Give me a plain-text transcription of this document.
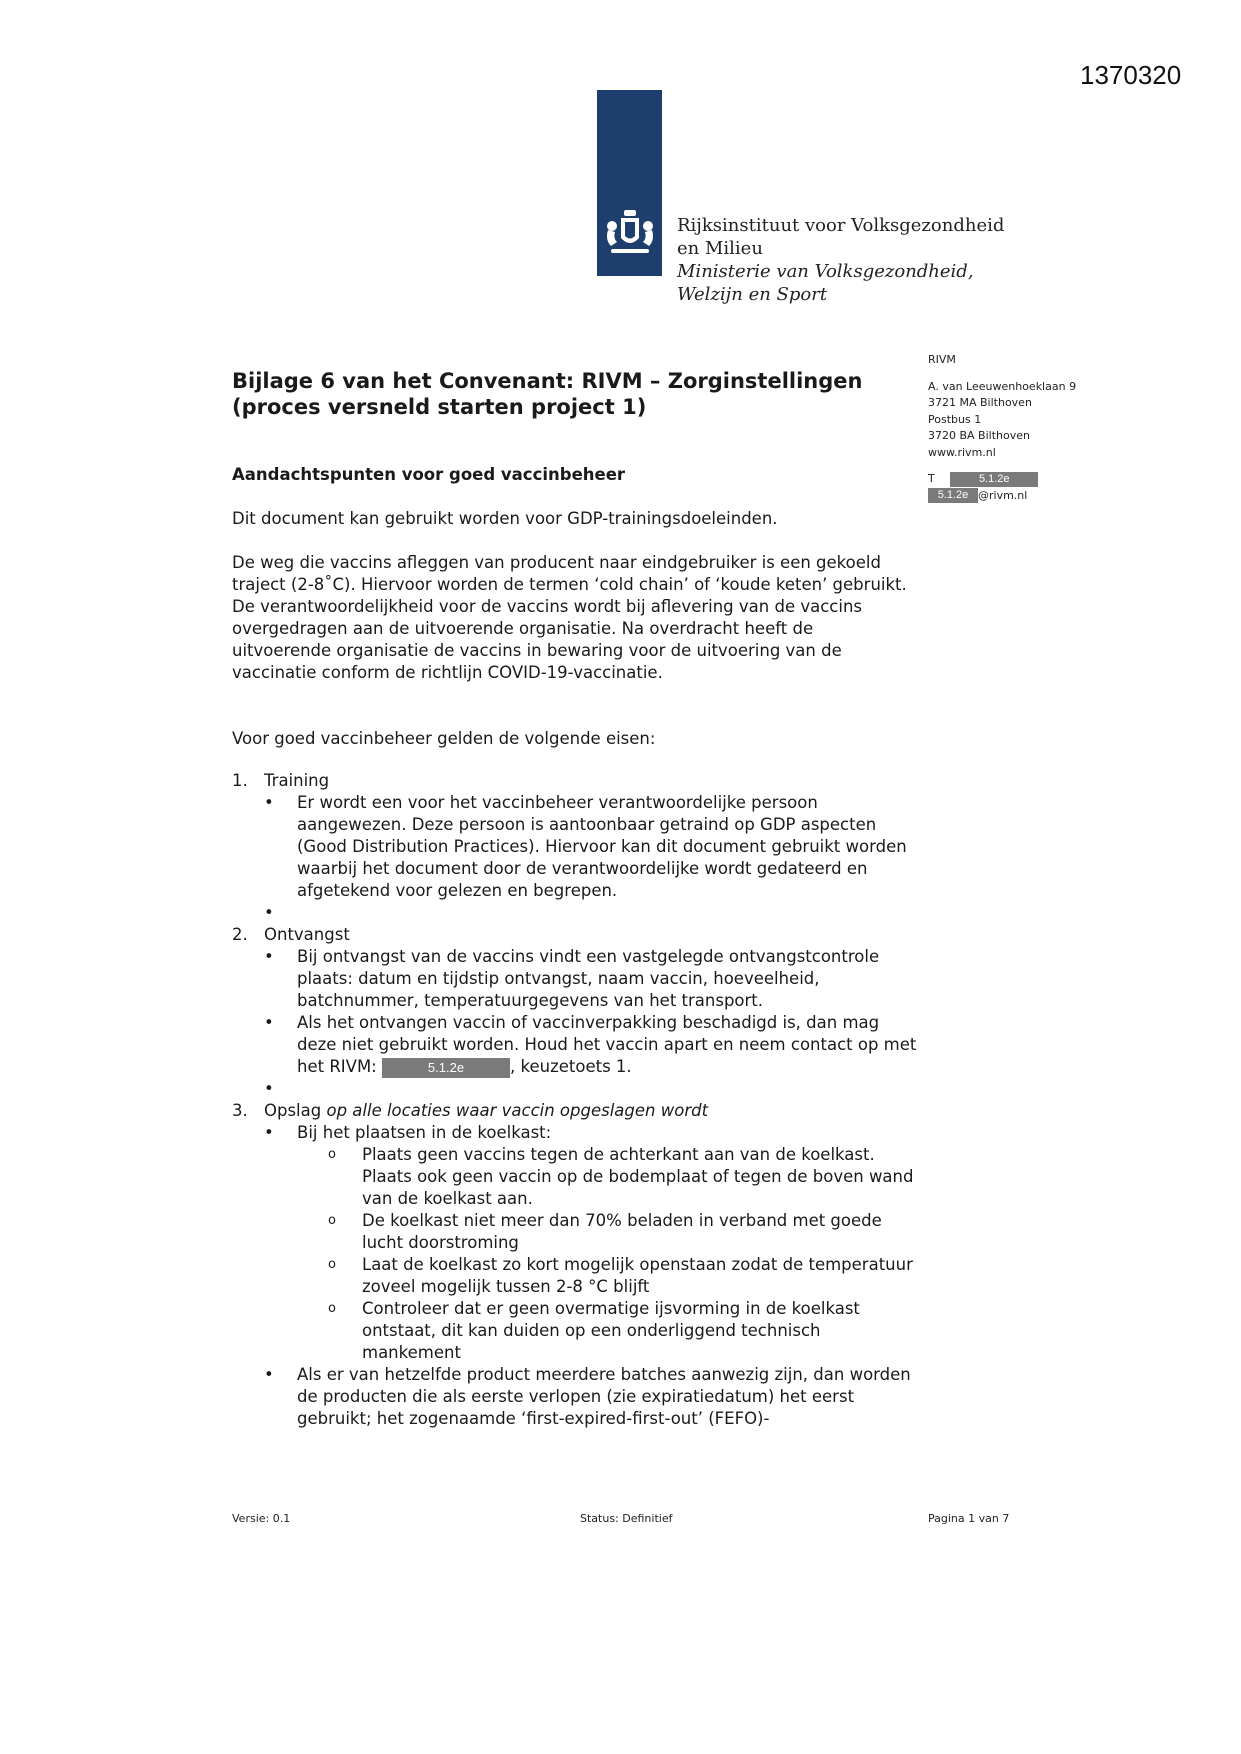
1370320
Rijksinstituut voor Volksgezondheid
en Milieu
Ministerie van Volksgezondheid,
Welzijn en Sport
Bijlage 6 van het Convenant: RIVM – Zorginstellingen
(proces versneld starten project 1)
Aandachtspunten voor goed vaccinbeheer
Dit document kan gebruikt worden voor GDP-trainingsdoeleinden.
De weg die vaccins afleggen van producent naar eindgebruiker is een gekoeld traject (2-8˚C). Hiervoor worden de termen ‘cold chain’ of ‘koude keten’ gebruikt. De verantwoordelijkheid voor de vaccins wordt bij aflevering van de vaccins overgedragen aan de uitvoerende organisatie. Na overdracht heeft de uitvoerende organisatie de vaccins in bewaring voor de uitvoering van de vaccinatie conform de richtlijn COVID-19-vaccinatie.
Voor goed vaccinbeheer gelden de volgende eisen:
1. Training
• Er wordt een voor het vaccinbeheer verantwoordelijke persoon aangewezen. Deze persoon is aantoonbaar getraind op GDP aspecten (Good Distribution Practices). Hiervoor kan dit document gebruikt worden waarbij het document door de verantwoordelijke wordt gedateerd en afgetekend voor gelezen en begrepen.
•

2. Ontvangst
• Bij ontvangst van de vaccins vindt een vastgelegde ontvangstcontrole plaats: datum en tijdstip ontvangst, naam vaccin, hoeveelheid, batchnummer, temperatuurgegevens van het transport.
• Als het ontvangen vaccin of vaccinverpakking beschadigd is, dan mag deze niet gebruikt worden. Houd het vaccin apart en neem contact op met het RIVM:	5.1.2e	, keuzetoets 1.
•

3. Opslag op alle locaties waar vaccin opgeslagen wordt
• Bij het plaatsen in de koelkast:
o Plaats geen vaccins tegen de achterkant aan van de koelkast. Plaats ook geen vaccin op de bodemplaat of tegen de boven wand van de koelkast aan.
o De koelkast niet meer dan 70% beladen in verband met goede lucht doorstroming
o Laat de koelkast zo kort mogelijk openstaan zodat de temperatuur zoveel mogelijk tussen 2-8 °C blijft
o Controleer dat er geen overmatige ijsvorming in de koelkast ontstaat, dit kan duiden op een onderliggend technisch mankement
• Als er van hetzelfde product meerdere batches aanwezig zijn, dan worden de producten die als eerste verlopen (zie expiratiedatum) het eerst gebruikt; het zogenaamde ‘first-expired-first-out’ (FEFO)-
RIVM
A. van Leeuwenhoeklaan 9
3721 MA Bilthoven
Postbus 1
3720 BA Bilthoven
www.rivm.nl
T	5.1.2e
5.1.2e @rivm.nl
Versie: 0.1	Status: Definitief	Pagina 1 van 7
